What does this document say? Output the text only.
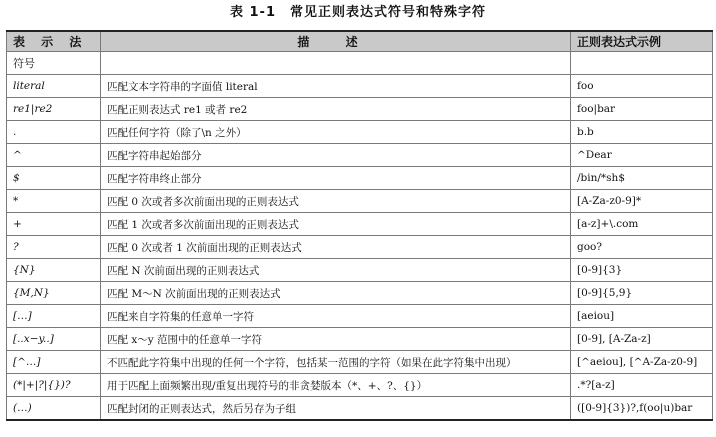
表 1-1　常见正则表达式符号和特殊字符
表 示 法	描 述	正则表达式示例
符号		
literal	匹配文本字符串的字面值 literal	foo
re1|re2	匹配正则表达式 re1 或者 re2	foo|bar
.	匹配任何字符（除了\n 之外）	b.b
^	匹配字符串起始部分	^Dear
$	匹配字符串终止部分	/bin/*sh$
*	匹配 0 次或者多次前面出现的正则表达式	[A-Za-z0-9]*
+	匹配 1 次或者多次前面出现的正则表达式	[a-z]+\.com
?	匹配 0 次或者 1 次前面出现的正则表达式	goo?
{N}	匹配 N 次前面出现的正则表达式	[0-9]{3}
{M,N}	匹配 M～N 次前面出现的正则表达式	[0-9]{5,9}
[…]	匹配来自字符集的任意单一字符	[aeiou]
[..x−y..]	匹配 x～y 范围中的任意单一字符	[0-9], [A-Za-z]
[^…]	不匹配此字符集中出现的任何一个字符，包括某一范围的字符（如果在此字符集中出现）	[^aeiou], [^A-Za-z0-9]
(*|+|?|{})?	用于匹配上面频繁出现/重复出现符号的非贪婪版本（*、+、?、{}）	.*?[a-z]
(…)	匹配封闭的正则表达式，然后另存为子组	([0-9]{3})?,f(oo|u)bar
